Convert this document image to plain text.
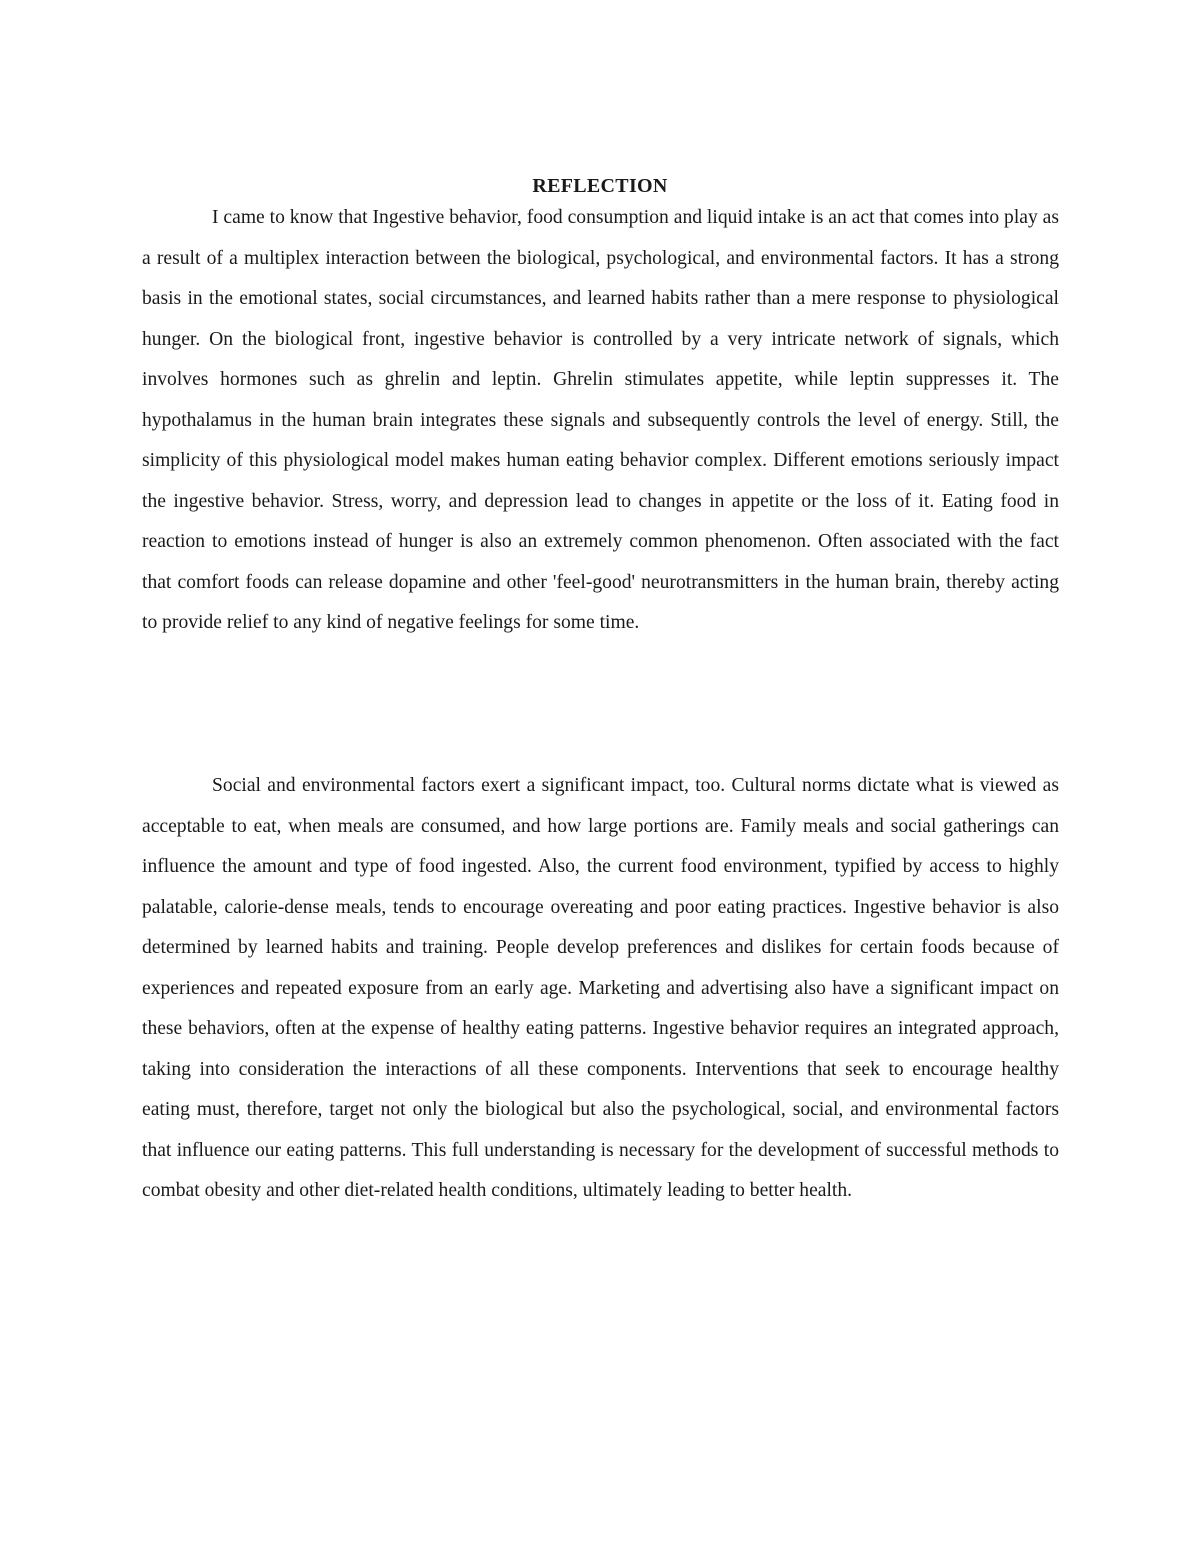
REFLECTION

I came to know that Ingestive behavior, food consumption and liquid intake is an act that comes into play as a result of a multiplex interaction between the biological, psychological, and environmental factors. It has a strong basis in the emotional states, social circumstances, and learned habits rather than a mere response to physiological hunger. On the biological front, ingestive behavior is controlled by a very intricate network of signals, which involves hormones such as ghrelin and leptin. Ghrelin stimulates appetite, while leptin suppresses it. The hypothalamus in the human brain integrates these signals and subsequently controls the level of energy. Still, the simplicity of this physiological model makes human eating behavior complex. Different emotions seriously impact the ingestive behavior. Stress, worry, and depression lead to changes in appetite or the loss of it. Eating food in reaction to emotions instead of hunger is also an extremely common phenomenon. Often associated with the fact that comfort foods can release dopamine and other 'feel-good' neurotransmitters in the human brain, thereby acting to provide relief to any kind of negative feelings for some time.

Social and environmental factors exert a significant impact, too. Cultural norms dictate what is viewed as acceptable to eat, when meals are consumed, and how large portions are. Family meals and social gatherings can influence the amount and type of food ingested. Also, the current food environment, typified by access to highly palatable, calorie-dense meals, tends to encourage overeating and poor eating practices. Ingestive behavior is also determined by learned habits and training. People develop preferences and dislikes for certain foods because of experiences and repeated exposure from an early age. Marketing and advertising also have a significant impact on these behaviors, often at the expense of healthy eating patterns. Ingestive behavior requires an integrated approach, taking into consideration the interactions of all these components. Interventions that seek to encourage healthy eating must, therefore, target not only the biological but also the psychological, social, and environmental factors that influence our eating patterns. This full understanding is necessary for the development of successful methods to combat obesity and other diet-related health conditions, ultimately leading to better health.
